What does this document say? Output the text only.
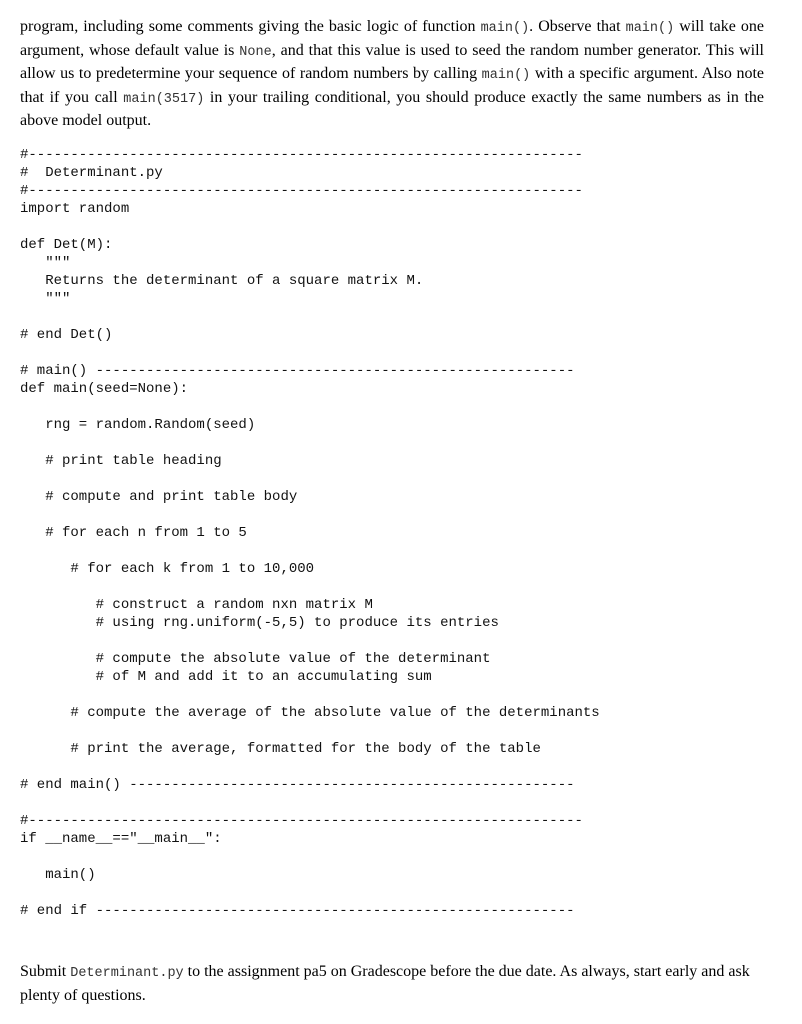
program, including some comments giving the basic logic of function main(). Observe that main() will take one argument, whose default value is None, and that this value is used to seed the random number generator. This will allow us to predetermine your sequence of random numbers by calling main() with a specific argument. Also note that if you call main(3517) in your trailing conditional, you should produce exactly the same numbers as in the above model output.

#------------------------------------------------------------------
#  Determinant.py
#------------------------------------------------------------------
import random
def Det(M):
"""
Returns the determinant of a square matrix M.
"""
# end Det()
# main() ---------------------------------------------------------
def main(seed=None):
rng = random.Random(seed)
# print table heading
# compute and print table body
# for each n from 1 to 5
# for each k from 1 to 10,000
# construct a random nxn matrix M
# using rng.uniform(-5,5) to produce its entries
# compute the absolute value of the determinant
# of M and add it to an accumulating sum
# compute the average of the absolute value of the determinants
# print the average, formatted for the body of the table
# end main() -----------------------------------------------------
#------------------------------------------------------------------
if __name__=="__main__":
main()
# end if ---------------------------------------------------------

Submit Determinant.py to the assignment pa5 on Gradescope before the due date. As always, start early and ask plenty of questions.
